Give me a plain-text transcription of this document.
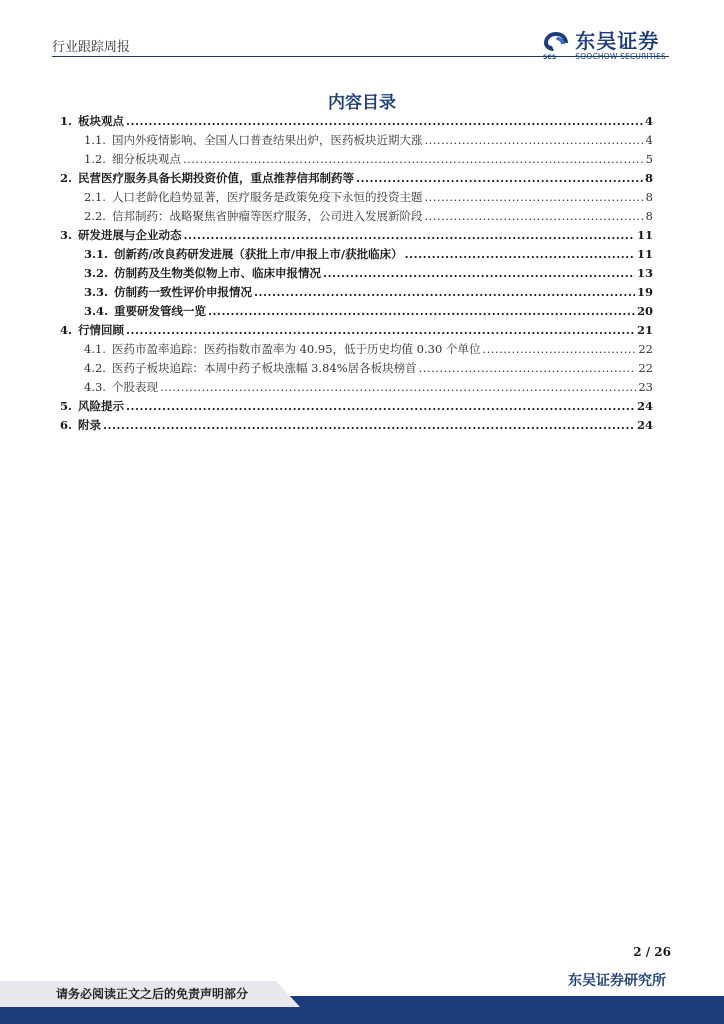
行业跟踪周报
SCS
东吴证券
SOOCHOW SECURITIES
内容目录
1. 板块观点 .....	4
1.1. 国内外疫情影响、全国人口普查结果出炉，医药板块近期大涨 .....	4
1.2. 细分板块观点 .....	5
2. 民营医疗服务具备长期投资价值，重点推荐信邦制药等 .....	8
2.1. 人口老龄化趋势显著，医疗服务是政策免疫下永恒的投资主题 .....	8
2.2. 信邦制药：战略聚焦省肿瘤等医疗服务，公司进入发展新阶段 .....	8
3. 研发进展与企业动态 .....	11
3.1. 创新药/改良药研发进展（获批上市/申报上市/获批临床） .....	11
3.2. 仿制药及生物类似物上市、临床申报情况 .....	13
3.3. 仿制药一致性评价申报情况 .....	19
3.4. 重要研发管线一览 .....	20
4. 行情回顾 .....	21
4.1. 医药市盈率追踪：医药指数市盈率为 40.95，低于历史均值 0.30 个单位 .....	22
4.2. 医药子板块追踪：本周中药子板块涨幅 3.84%居各板块榜首 .....	22
4.3. 个股表现 .....	23
5. 风险提示 .....	24
6. 附录 .....	24
2 / 26
东吴证券研究所
请务必阅读正文之后的免责声明部分
